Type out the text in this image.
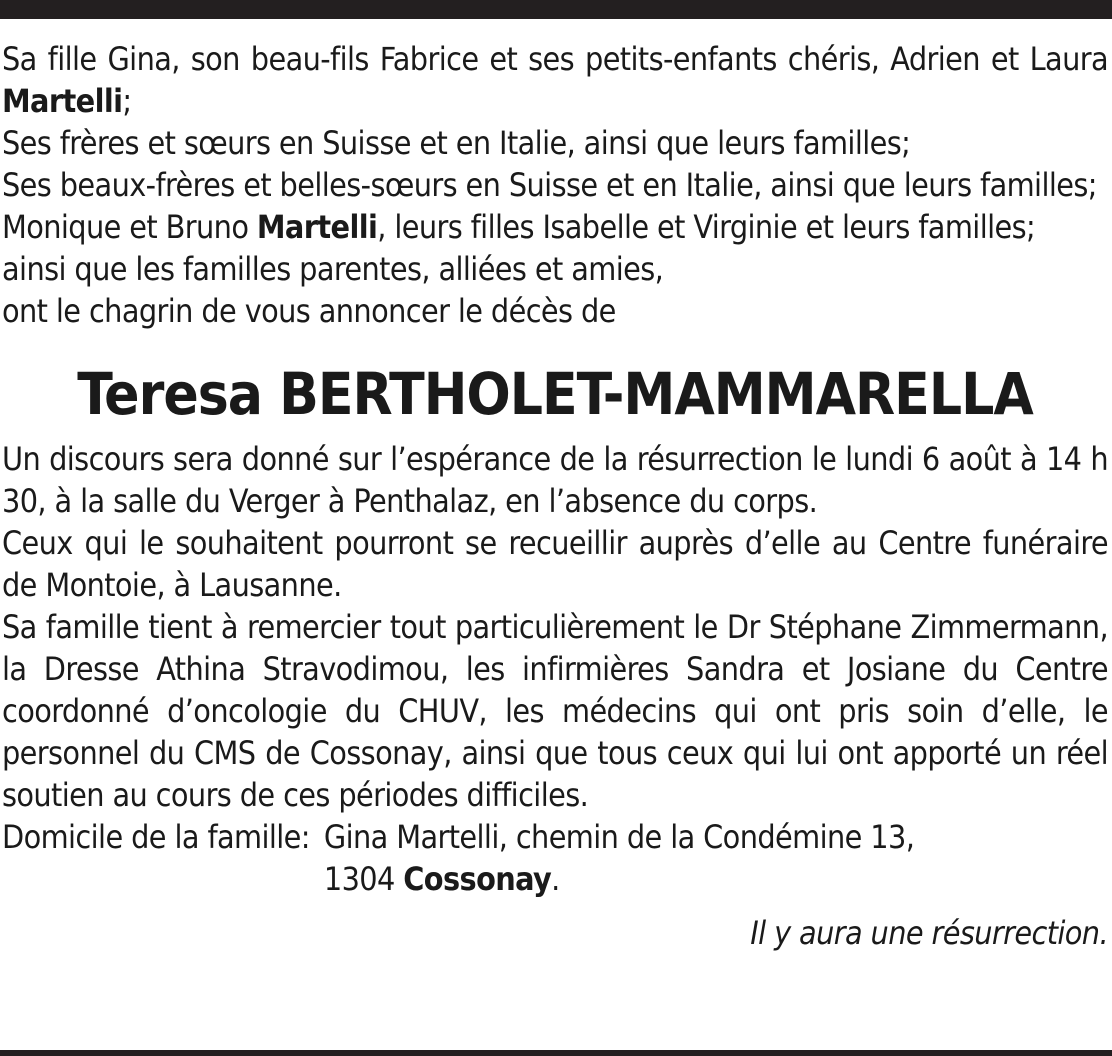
Sa fille Gina, son beau-fils Fabrice et ses petits-enfants chéris, Adrien et Laura Martelli;

Ses frères et sœurs en Suisse et en Italie, ainsi que leurs familles;

Ses beaux-frères et belles-sœurs en Suisse et en Italie, ainsi que leurs familles;

Monique et Bruno Martelli, leurs filles Isabelle et Virginie et leurs familles;

ainsi que les familles parentes, alliées et amies,

ont le chagrin de vous annoncer le décès de

Teresa BERTHOLET-MAMMARELLA

Un discours sera donné sur l’espérance de la résurrection le lundi 6 août à 14 h 30, à la salle du Verger à Penthalaz, en l’absence du corps.

Ceux qui le souhaitent pourront se recueillir auprès d’elle au Centre funéraire de Montoie, à Lausanne.

Sa famille tient à remercier tout particulièrement le Dr Stéphane Zimmermann, la Dresse Athina Stravodimou, les infirmières Sandra et Josiane du Centre coordonné d’oncologie du CHUV, les médecins qui ont pris soin d’elle, le personnel du CMS de Cossonay, ainsi que tous ceux qui lui ont apporté un réel soutien au cours de ces périodes difficiles.

Domicile de la famille: Gina Martelli, chemin de la Condémine 13,
1304 Cossonay.

Il y aura une résurrection.
